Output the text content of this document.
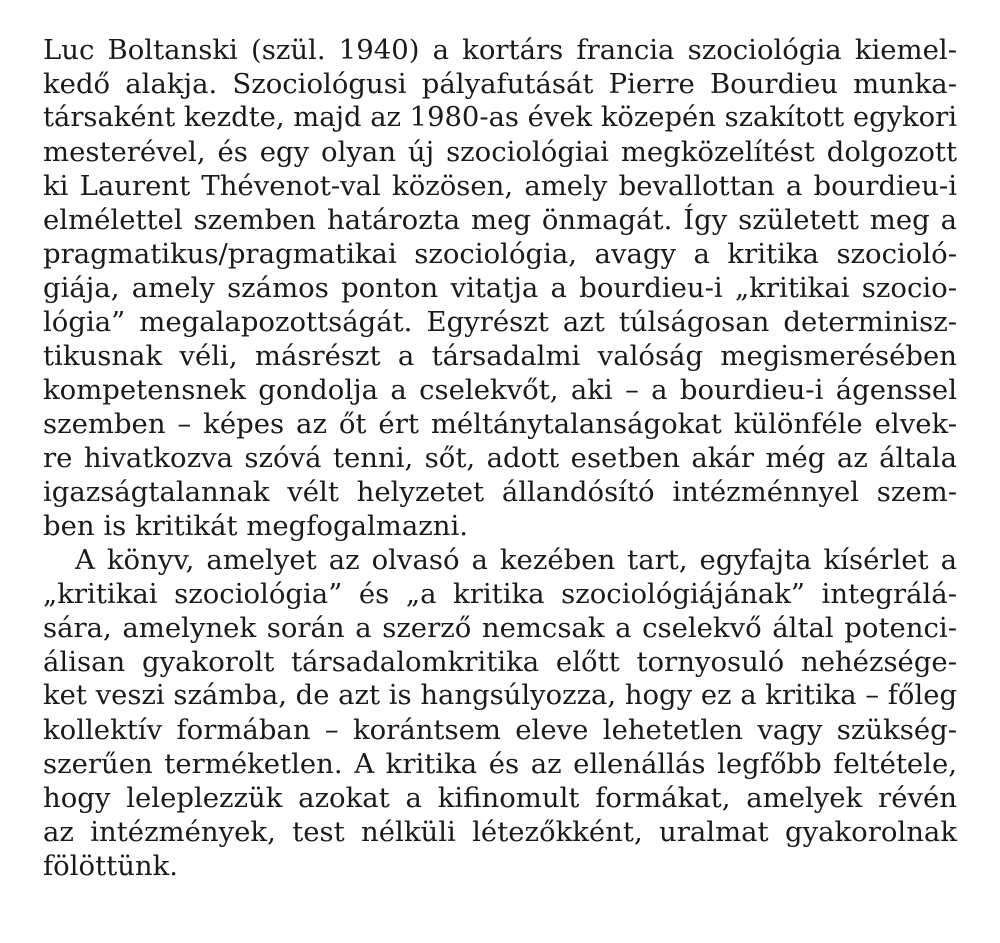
Luc Boltanski (szül. 1940) a kortárs francia szociológia kiemel-
kedő alakja. Szociológusi pályafutását Pierre Bourdieu munka-
társaként kezdte, majd az 1980-as évek közepén szakított egykori
mesterével, és egy olyan új szociológiai megközelítést dolgozott
ki Laurent Thévenot-val közösen, amely bevallottan a bourdieu-i
elmélettel szemben határozta meg önmagát. Így született meg a
pragmatikus/pragmatikai szociológia, avagy a kritika szocioló-
giája, amely számos ponton vitatja a bourdieu-i „kritikai szocio-
lógia” megalapozottságát. Egyrészt azt túlságosan determinisz-
tikusnak véli, másrészt a társadalmi valóság megismerésében
kompetensnek gondolja a cselekvőt, aki – a bourdieu-i ágenssel
szemben – képes az őt ért méltánytalanságokat különféle elvek-
re hivatkozva szóvá tenni, sőt, adott esetben akár még az általa
igazságtalannak vélt helyzetet állandósító intézménnyel szem-
ben is kritikát megfogalmazni.
A könyv, amelyet az olvasó a kezében tart, egyfajta kísérlet a
„kritikai szociológia” és „a kritika szociológiájának” integrálá-
sára, amelynek során a szerző nemcsak a cselekvő által potenci-
álisan gyakorolt társadalomkritika előtt tornyosuló nehézsége-
ket veszi számba, de azt is hangsúlyozza, hogy ez a kritika – főleg
kollektív formában – korántsem eleve lehetetlen vagy szükség-
szerűen terméketlen. A kritika és az ellenállás legfőbb feltétele,
hogy leleplezzük azokat a kifinomult formákat, amelyek révén
az intézmények, test nélküli létezőkként, uralmat gyakorolnak
fölöttünk.
